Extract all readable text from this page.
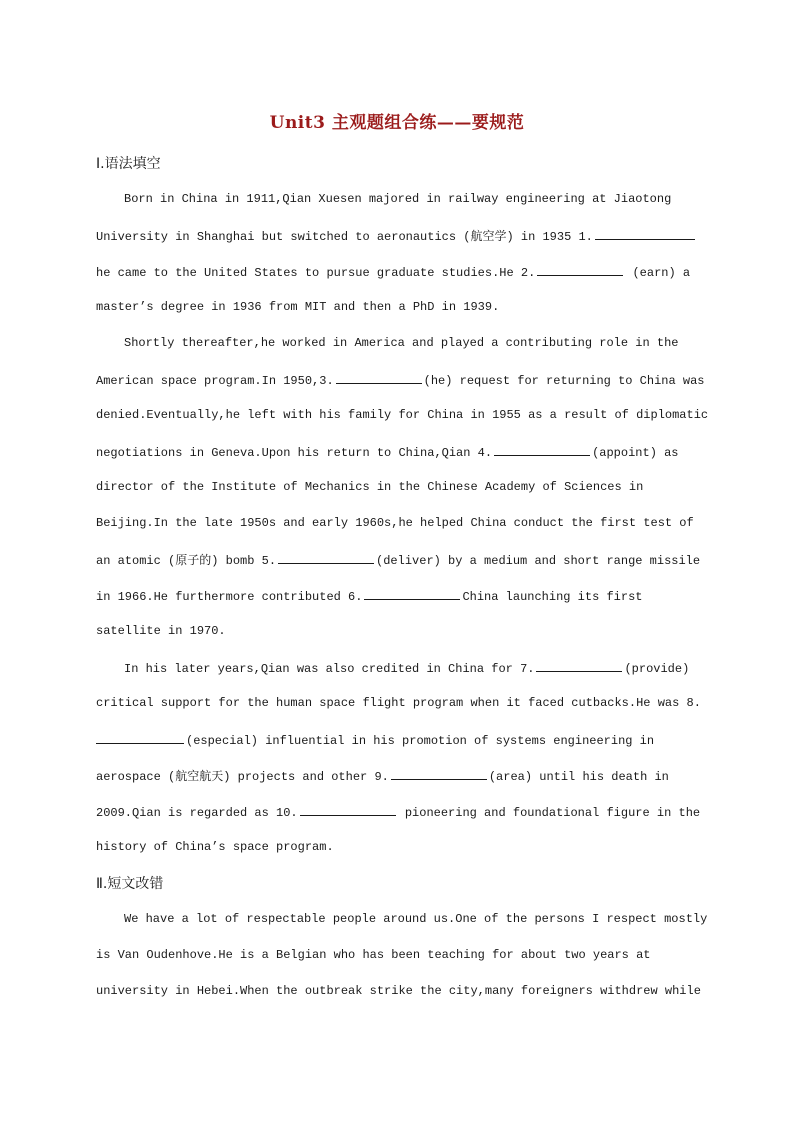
Unit3 主观题组合练——要规范
Ⅰ.语法填空
Born in China in 1911,Qian Xuesen majored in railway engineering at Jiaotong
University in Shanghai but switched to aeronautics (航空学) in 1935 1.
he came to the United States to pursue graduate studies.He 2.	(earn) a
master’s degree in 1936 from MIT and then a PhD in 1939.
Shortly thereafter,he worked in America and played a contributing role in the
American space program.In 1950,3.	(he) request for returning to China was
denied.Eventually,he left with his family for China in 1955 as a result of diplomatic
negotiations in Geneva.Upon his return to China,Qian 4.	(appoint) as
director of the Institute of Mechanics in the Chinese Academy of Sciences in
Beijing.In the late 1950s and early 1960s,he helped China conduct the first test of
an atomic (原子的) bomb 5.	(deliver) by a medium and short range missile
in 1966.He furthermore contributed 6.	China launching its first
satellite in 1970.
In his later years,Qian was also credited in China for 7.	(provide)
critical support for the human space flight program when it faced cutbacks.He was 8.
(especial) influential in his promotion of systems engineering in
aerospace (航空航天) projects and other 9.	(area) until his death in
2009.Qian is regarded as 10.	pioneering and foundational figure in the
history of China’s space program.
Ⅱ.短文改错
We have a lot of respectable people around us.One of the persons I respect mostly
is Van Oudenhove.He is a Belgian who has been teaching for about two years at
university in Hebei.When the outbreak strike the city,many foreigners withdrew while
